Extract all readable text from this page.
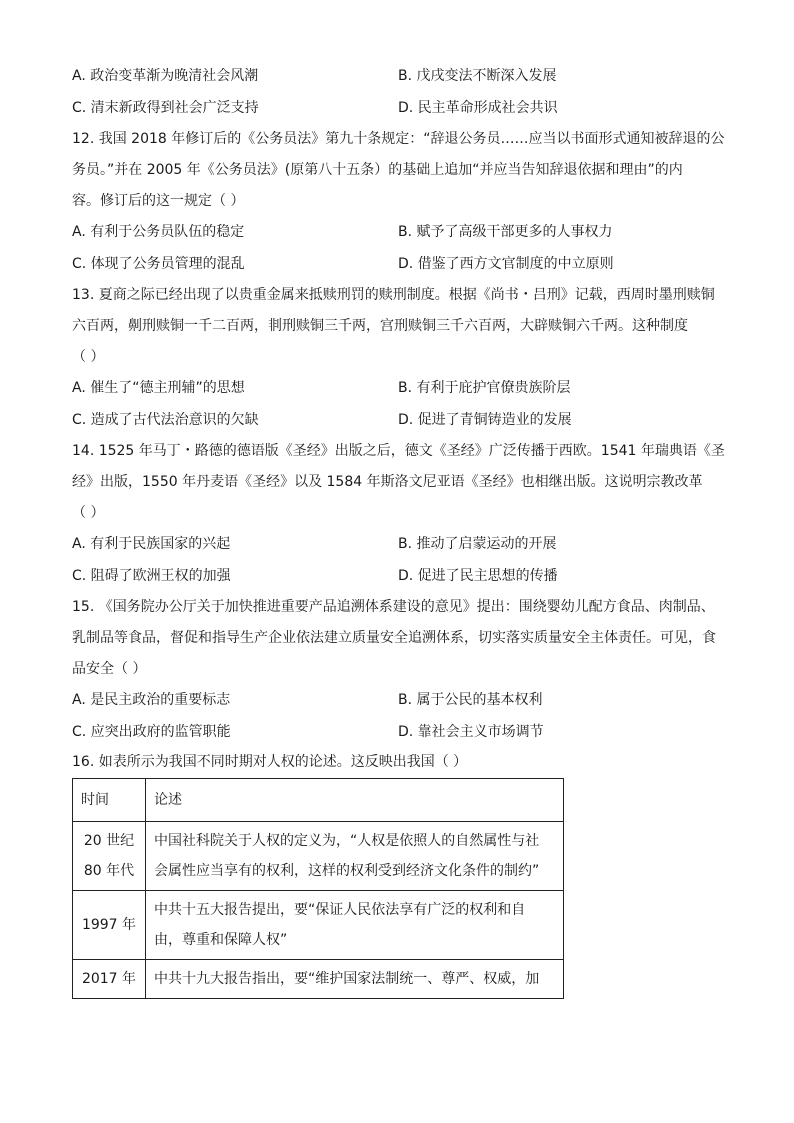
A. 政治变革渐为晚清社会风潮	B. 戊戌变法不断深入发展
C. 清末新政得到社会广泛支持	D. 民主革命形成社会共识
12. 我国 2018 年修订后的《公务员法》第九十条规定：“辞退公务员……应当以书面形式通知被辞退的公
务员。”并在 2005 年《公务员法》(原第八十五条）的基础上追加“并应当告知辞退依据和理由”的内
容。修订后的这一规定（ ）
A. 有利于公务员队伍的稳定	B. 赋予了高级干部更多的人事权力
C. 体现了公务员管理的混乱	D. 借鉴了西方文官制度的中立原则
13. 夏商之际已经出现了以贵重金属来抵赎刑罚的赎刑制度。根据《尚书・吕刑》记载，西周时墨刑赎铜
六百两，劓刑赎铜一千二百两，剕刑赎铜三千两，宫刑赎铜三千六百两，大辟赎铜六千两。这种制度
（ ）
A. 催生了“德主刑辅”的思想	B. 有利于庇护官僚贵族阶层
C. 造成了古代法治意识的欠缺	D. 促进了青铜铸造业的发展
14. 1525 年马丁・路德的德语版《圣经》出版之后，德文《圣经》广泛传播于西欧。1541 年瑞典语《圣
经》出版，1550 年丹麦语《圣经》以及 1584 年斯洛文尼亚语《圣经》也相继出版。这说明宗教改革
（ ）
A. 有利于民族国家的兴起	B. 推动了启蒙运动的开展
C. 阻碍了欧洲王权的加强	D. 促进了民主思想的传播
15. 《国务院办公厅关于加快推进重要产品追溯体系建设的意见》提出：围绕婴幼儿配方食品、肉制品、
乳制品等食品，督促和指导生产企业依法建立质量安全追溯体系，切实落实质量安全主体责任。可见，食
品安全（ ）
A. 是民主政治的重要标志	B. 属于公民的基本权利
C. 应突出政府的监管职能	D. 靠社会主义市场调节
16. 如表所示为我国不同时期对人权的论述。这反映出我国（ ）
时间	论述

20 世纪
80 年代	中国社科院关于人权的定义为，“人权是依照人的自然属性与社
会属性应当享有的权利，这样的权利受到经济文化条件的制约”

1997 年	中共十五大报告提出，要“保证人民依法享有广泛的权利和自
由，尊重和保障人权”

2017 年	中共十九大报告指出，要“维护国家法制统一、尊严、权威，加
